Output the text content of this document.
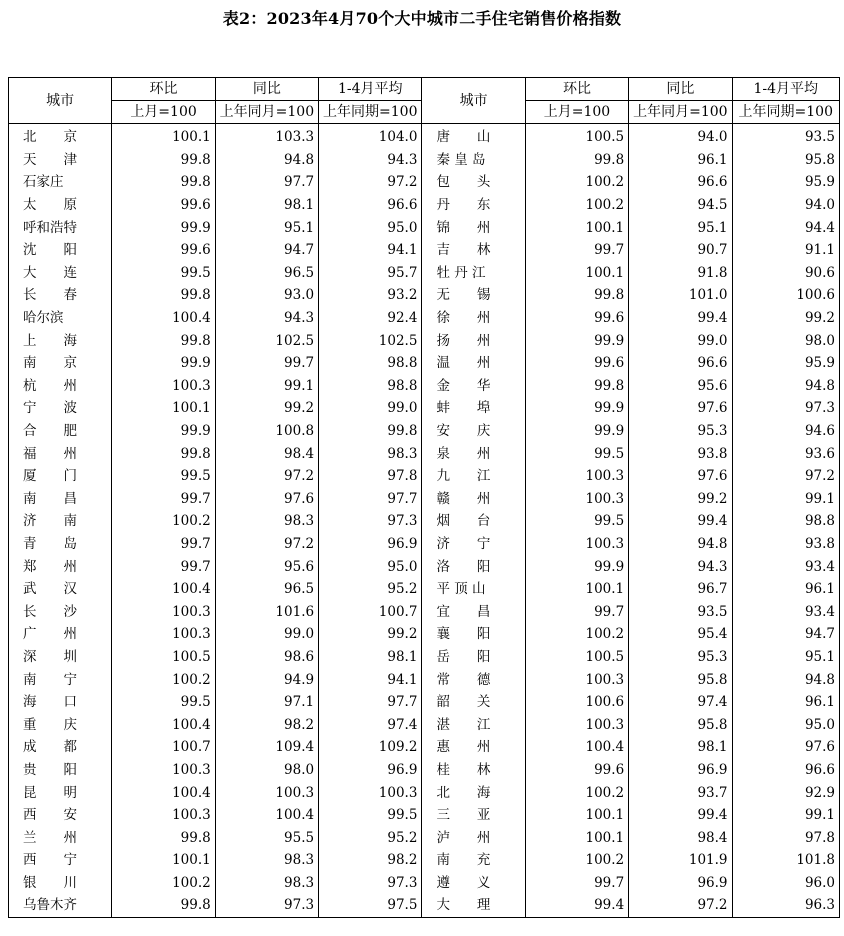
表2：2023年4月70个大中城市二手住宅销售价格指数
城市	环比	同比	1-4月平均	城市	环比	同比	1-4月平均
	上月=100	上年同月=100	上年同期=100		上月=100	上年同月=100	上年同期=100
北　　京	100.1	103.3	104.0	唐　　山	100.5	94.0	93.5
天　　津	99.8	94.8	94.3	秦 皇 岛	99.8	96.1	95.8
石家庄	99.8	97.7	97.2	包　　头	100.2	96.6	95.9
太　　原	99.6	98.1	96.6	丹　　东	100.2	94.5	94.0
呼和浩特	99.9	95.1	95.0	锦　　州	100.1	95.1	94.4
沈　　阳	99.6	94.7	94.1	吉　　林	99.7	90.7	91.1
大　　连	99.5	96.5	95.7	牡 丹 江	100.1	91.8	90.6
长　　春	99.8	93.0	93.2	无　　锡	99.8	101.0	100.6
哈尔滨	100.4	94.3	92.4	徐　　州	99.6	99.4	99.2
上　　海	99.8	102.5	102.5	扬　　州	99.9	99.0	98.0
南　　京	99.9	99.7	98.8	温　　州	99.6	96.6	95.9
杭　　州	100.3	99.1	98.8	金　　华	99.8	95.6	94.8
宁　　波	100.1	99.2	99.0	蚌　　埠	99.9	97.6	97.3
合　　肥	99.9	100.8	99.8	安　　庆	99.9	95.3	94.6
福　　州	99.8	98.4	98.3	泉　　州	99.5	93.8	93.6
厦　　门	99.5	97.2	97.8	九　　江	100.3	97.6	97.2
南　　昌	99.7	97.6	97.7	赣　　州	100.3	99.2	99.1
济　　南	100.2	98.3	97.3	烟　　台	99.5	99.4	98.8
青　　岛	99.7	97.2	96.9	济　　宁	100.3	94.8	93.8
郑　　州	99.7	95.6	95.0	洛　　阳	99.9	94.3	93.4
武　　汉	100.4	96.5	95.2	平 顶 山	100.1	96.7	96.1
长　　沙	100.3	101.6	100.7	宜　　昌	99.7	93.5	93.4
广　　州	100.3	99.0	99.2	襄　　阳	100.2	95.4	94.7
深　　圳	100.5	98.6	98.1	岳　　阳	100.5	95.3	95.1
南　　宁	100.2	94.9	94.1	常　　德	100.3	95.8	94.8
海　　口	99.5	97.1	97.7	韶　　关	100.6	97.4	96.1
重　　庆	100.4	98.2	97.4	湛　　江	100.3	95.8	95.0
成　　都	100.7	109.4	109.2	惠　　州	100.4	98.1	97.6
贵　　阳	100.3	98.0	96.9	桂　　林	99.6	96.9	96.6
昆　　明	100.4	100.3	100.3	北　　海	100.2	93.7	92.9
西　　安	100.3	100.4	99.5	三　　亚	100.1	99.4	99.1
兰　　州	99.8	95.5	95.2	泸　　州	100.1	98.4	97.8
西　　宁	100.1	98.3	98.2	南　　充	100.2	101.9	101.8
银　　川	100.2	98.3	97.3	遵　　义	99.7	96.9	96.0
乌鲁木齐	99.8	97.3	97.5	大　　理	99.4	97.2	96.3
